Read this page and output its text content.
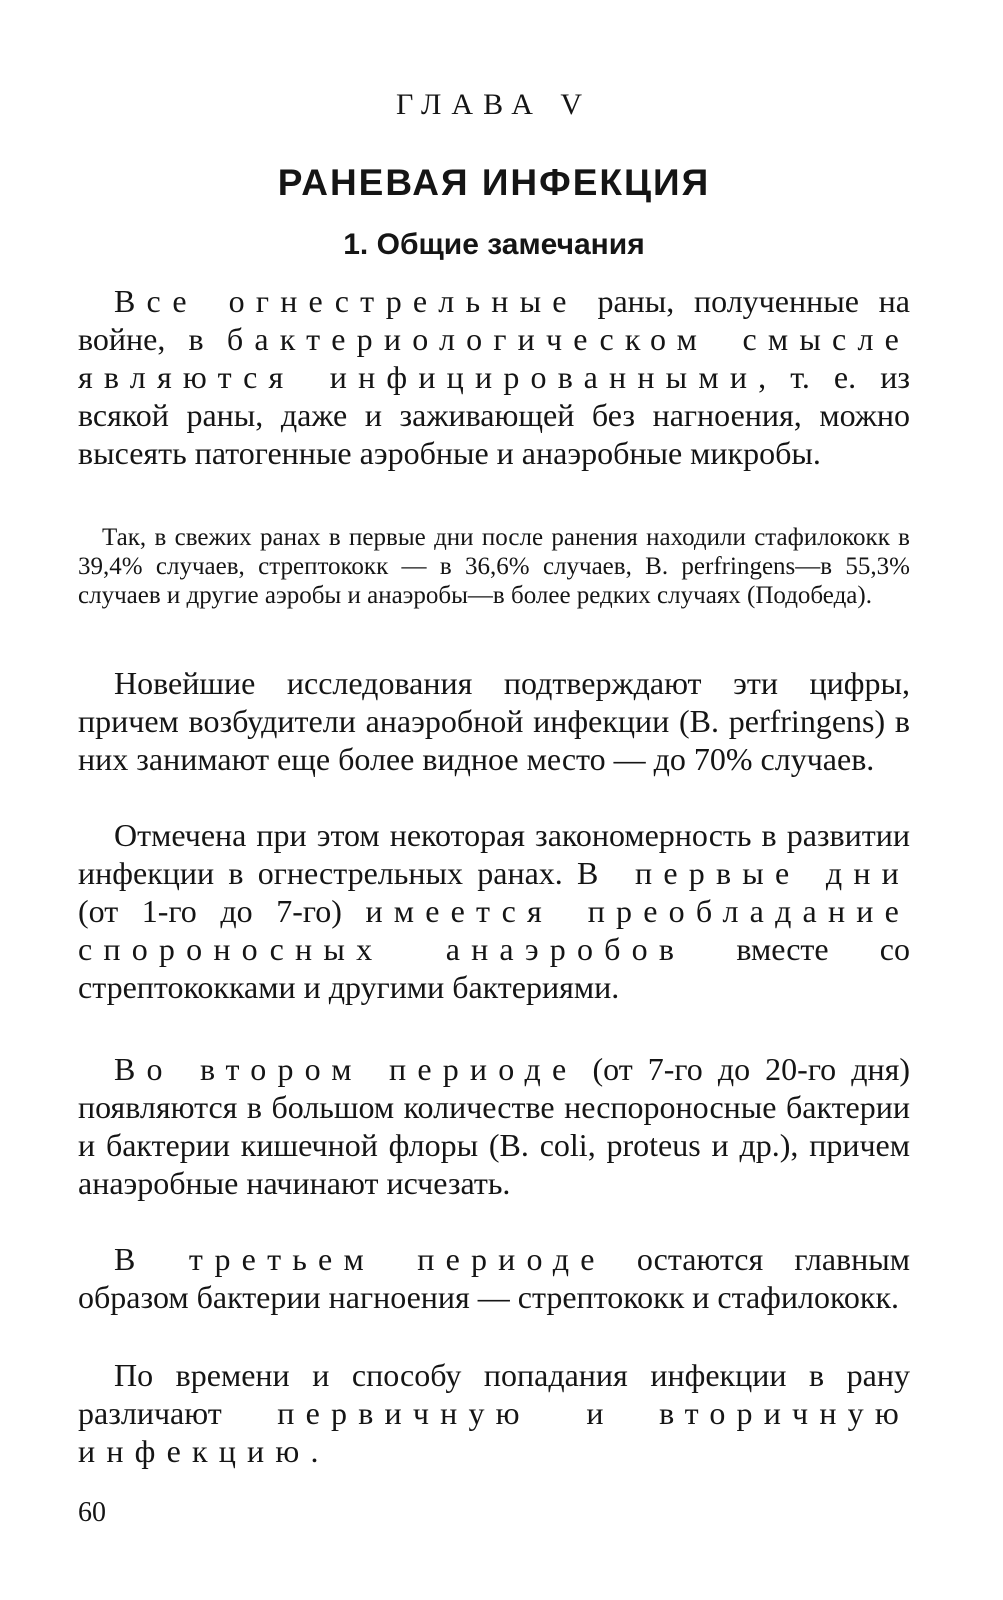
ГЛАВА V
РАНЕВАЯ ИНФЕКЦИЯ
1. Общие замечания

Все огнестрельные раны, полученные на войне, в бактериологическом смысле являются инфицированными, т. е. из всякой раны, даже и заживающей без нагноения, можно высеять патогенные аэробные и анаэробные микробы.

Так, в свежих ранах в первые дни после ранения находили стафилококк в 39,4% случаев, стрептококк — в 36,6% случаев, В. perfringens—в 55,3% случаев и другие аэробы и анаэробы—в более редких случаях (Подобеда).

Новейшие исследования подтверждают эти цифры, причем возбудители анаэробной инфекции (В. perfringens) в них занимают еще более видное место — до 70% случаев.

Отмечена при этом некоторая закономерность в развитии инфекции в огнестрельных ранах. В первые дни (от 1-го до 7-го) имеется преобладание спороносных анаэробов вместе со стрептококками и другими бактериями.

Во втором периоде (от 7-го до 20-го дня) появляются в большом количестве неспороносные бактерии и бактерии кишечной флоры (В. coli, proteus и др.), причем анаэробные начинают исчезать.

В третьем периоде остаются главным образом бактерии нагноения — стрептококк и стафилококк.

По времени и способу попадания инфекции в рану различают первичную и вторичную инфекцию.

60
